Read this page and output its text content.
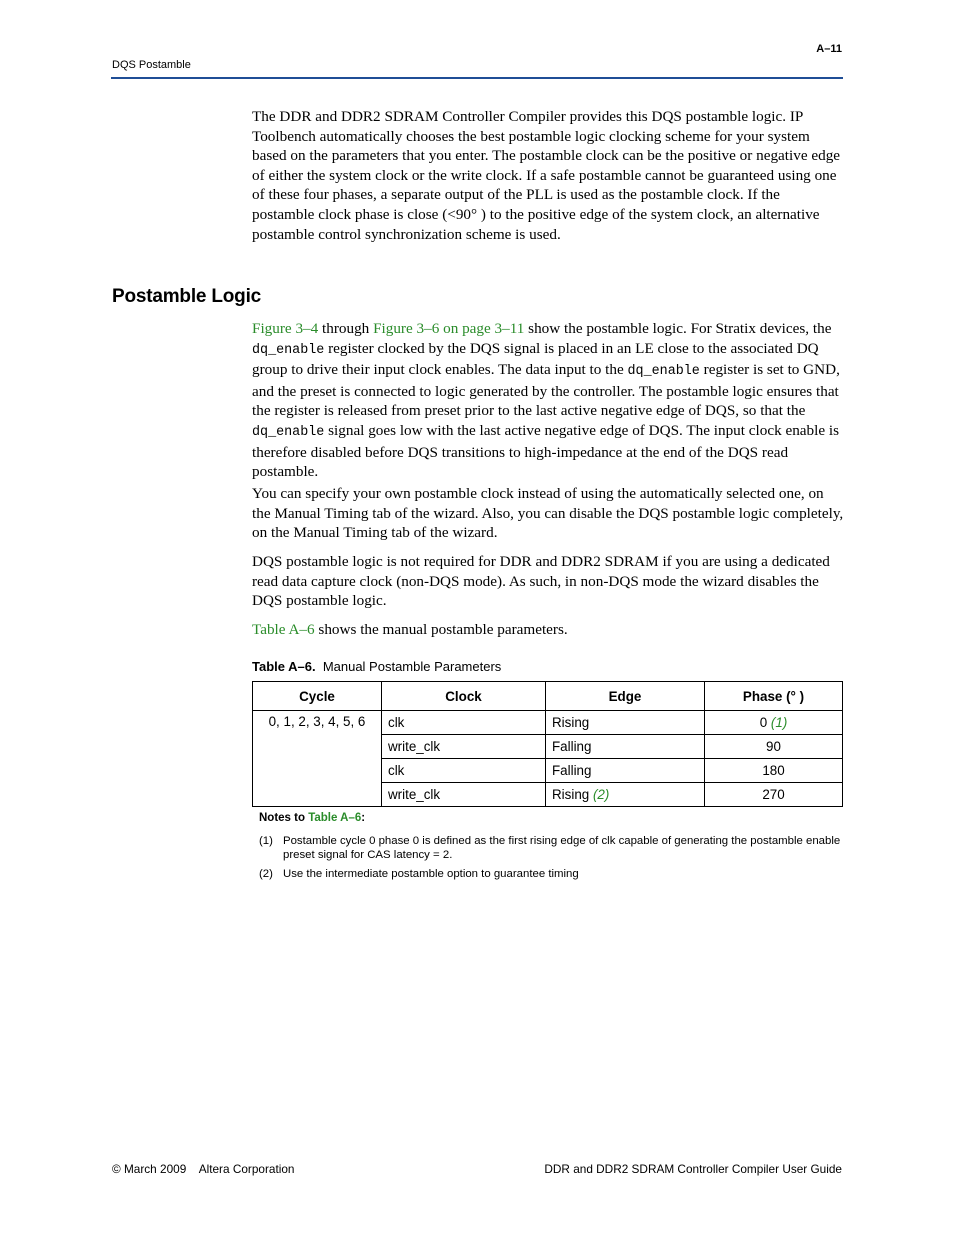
DQS Postamble
A–11

The DDR and DDR2 SDRAM Controller Compiler provides this DQS postamble logic. IP Toolbench automatically chooses the best postamble logic clocking scheme for your system based on the parameters that you enter. The postamble clock can be the positive or negative edge of either the system clock or the write clock. If a safe postamble cannot be guaranteed using one of these four phases, a separate output of the PLL is used as the postamble clock. If the postamble clock phase is close (<90° ) to the positive edge of the system clock, an alternative postamble control synchronization scheme is used.

Postamble Logic

Figure 3–4 through Figure 3–6 on page 3–11 show the postamble logic. For Stratix devices, the dq_enable register clocked by the DQS signal is placed in an LE close to the associated DQ group to drive their input clock enables. The data input to the dq_enable register is set to GND, and the preset is connected to logic generated by the controller. The postamble logic ensures that the register is released from preset prior to the last active negative edge of DQS, so that the dq_enable signal goes low with the last active negative edge of DQS. The input clock enable is therefore disabled before DQS transitions to high-impedance at the end of the DQS read postamble.

You can specify your own postamble clock instead of using the automatically selected one, on the Manual Timing tab of the wizard. Also, you can disable the DQS postamble logic completely, on the Manual Timing tab of the wizard.

DQS postamble logic is not required for DDR and DDR2 SDRAM if you are using a dedicated read data capture clock (non-DQS mode). As such, in non-DQS mode the wizard disables the DQS postamble logic.

Table A–6 shows the manual postamble parameters.

Table A–6. Manual Postamble Parameters
Cycle	Clock	Edge	Phase (° )
0, 1, 2, 3, 4, 5, 6	clk	Rising	0 (1)
	write_clk	Falling	90
	clk	Falling	180
	write_clk	Rising (2)	270
Notes to Table A–6:
(1) Postamble cycle 0 phase 0 is defined as the first rising edge of clk capable of generating the postamble enable preset signal for CAS latency = 2.
(2) Use the intermediate postamble option to guarantee timing
© March 2009    Altera Corporation	DDR and DDR2 SDRAM Controller Compiler User Guide
